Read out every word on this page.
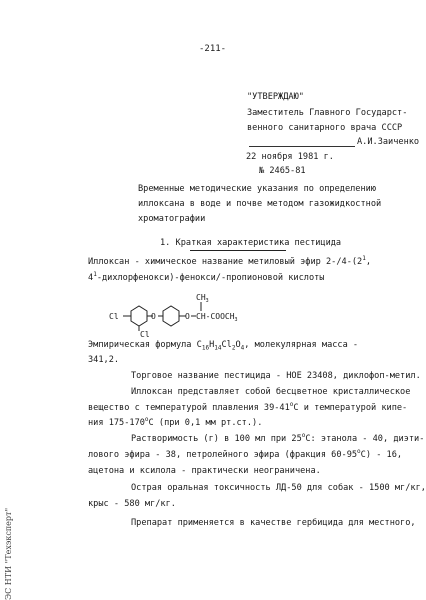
-211-
"УТВЕРЖДАЮ"
Заместитель Главного Государст-
венного санитарного врача СССР
А.И.Заиченко
22 ноября 1981 г.
№ 2465-81
Временные методические указания по определению
иллоксана в воде и почве методом газожидкостной
хроматографии
1. Краткая характеристика пестицида
Иллоксан - химическое название метиловый эфир $2-/4-(2^1$,
$4^1-дихлорфенокси)-фенокси/$-пропионовой кислоты
Cl
Cl
O	O
$CH_3$
$CH-COOCH_3$
Эмпирическая формула $C_{16}H_{14}Cl_2O_4$, молекулярная масса -
341,2.
Торговое название пестицида - HOE 23408, диклофоп-метил.
Иллоксан представляет собой бесцветное кристаллическое
вещество с температурой плавления $39-41^оС$ и температурой кипе-
ния $175-170^оС$ (при 0,1 мм рт.ст.).
Растворимость (г) в 100 мл при $25^оС$: этанола - 40, диэти-
лового эфира - 38, петролейного эфира (фракция $60-95^оС) - 16$,
ацетона и ксилола - практически неограничена.
Острая оральная токсичность ЛД-50 для собак - 1500 мг/кг,
крыс - 580 мг/кг.
Препарат применяется в качестве гербицида для местного,
ЭС НТИ "Техэксперт"
